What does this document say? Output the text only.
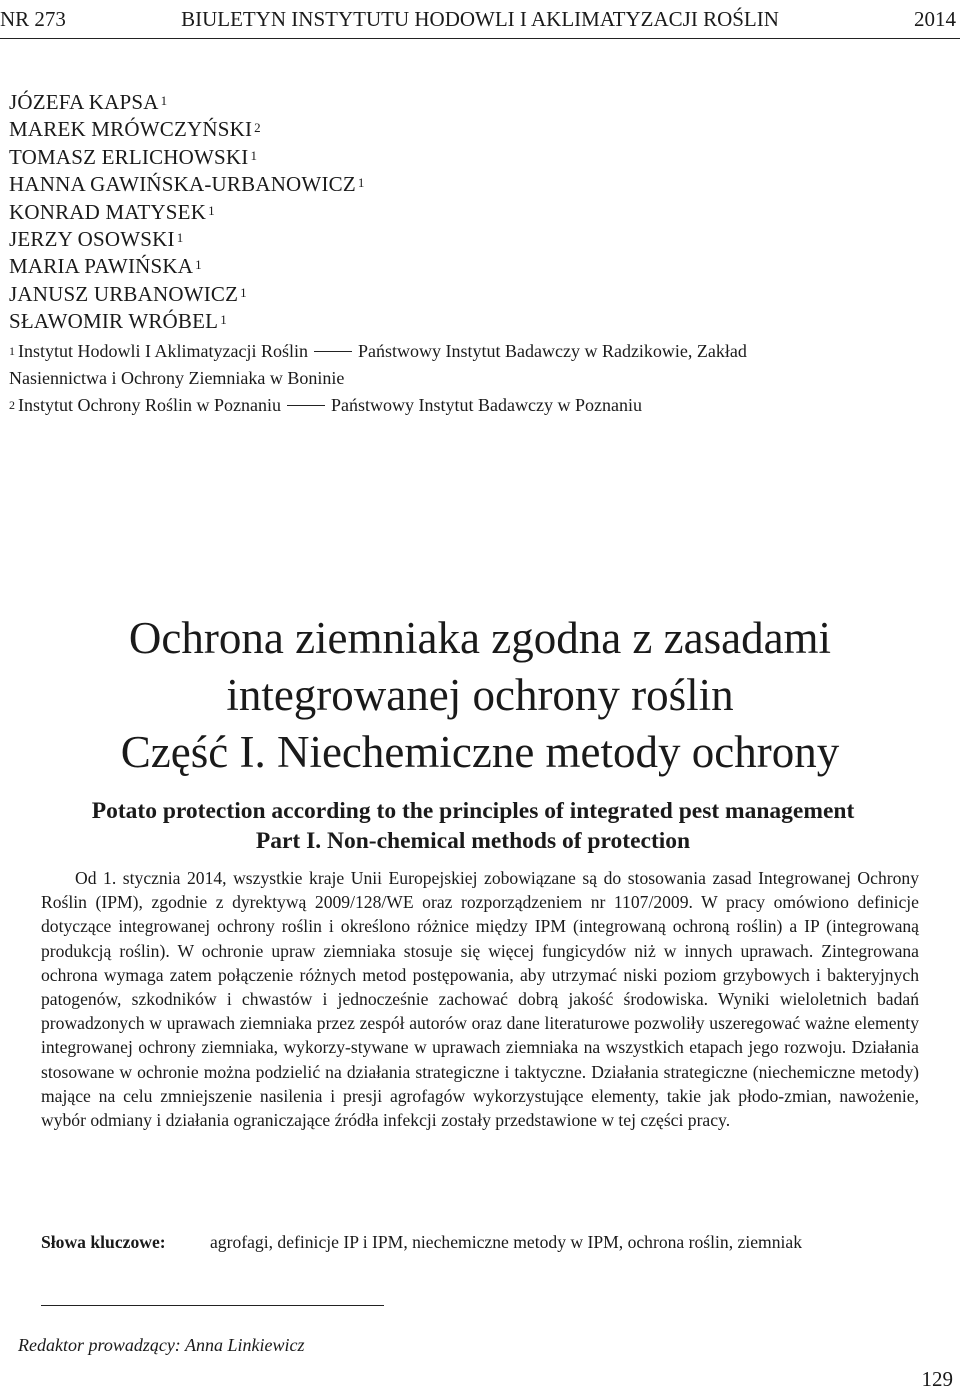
BIULETYN INSTYTUTU HODOWLI I AKLIMATYZACJI ROŚLIN
NR 273	2014
JÓZEFA KAPSA $^1$
MAREK MRÓWCZYŃSKI $^2$
TOMASZ ERLICHOWSKI $^1$
HANNA GAWIŃSKA-URBANOWICZ $^1$
KONRAD MATYSEK $^1$
JERZY OSOWSKI $^1$
MARIA PAWIŃSKA $^1$
JANUSZ URBANOWICZ $^1$
SŁAWOMIR WRÓBEL $^1$
$^1$ Instytut Hodowli I Aklimatyzacji Roślin	Państwowy Instytut Badawczy w Radzikowie, Zakład
Nasiennictwa i Ochrony Ziemniaka w Boninie
$^2$ Instytut Ochrony Roślin w Poznaniu	Państwowy Instytut Badawczy w Poznaniu
Ochrona ziemniaka zgodna z zasadami
integrowanej ochrony roślin
Część I. Niechemiczne metody ochrony
Potato protection according to the principles of integrated pest management
Part I. Non-chemical methods of protection

Od 1. stycznia 2014, wszystkie kraje Unii Europejskiej zobowiązane są do stosowania zasad Integrowanej Ochrony Roślin (IPM), zgodnie z dyrektywą 2009/128/WE oraz rozporządzeniem nr 1107/2009. W pracy omówiono definicje dotyczące integrowanej ochrony roślin i określono różnice między IPM (integrowaną ochroną roślin) a IP (integrowaną produkcją roślin). W ochronie upraw ziemniaka stosuje się więcej fungicydów niż w innych uprawach. Zintegrowana ochrona wymaga zatem połączenie różnych metod postępowania, aby utrzymać niski poziom grzybowych i bakteryjnych patogenów, szkodników i chwastów i jednocześnie zachować dobrą jakość środowiska. Wyniki wieloletnich badań prowadzonych w uprawach ziemniaka przez zespół autorów oraz dane literaturowe pozwoliły uszeregować ważne elementy integrowanej ochrony ziemniaka, wykorzy-stywane w uprawach ziemniaka na wszystkich etapach jego rozwoju. Działania stosowane w ochronie można podzielić na działania strategiczne i taktyczne. Działania strategiczne (niechemiczne metody) mające na celu zmniejszenie nasilenia i presji agrofagów wykorzystujące elementy, takie jak płodo-zmian, nawożenie, wybór odmiany i działania ograniczające źródła infekcji zostały przedstawione w tej części pracy.

Słowa kluczowe:	agrofagi, definicje IP i IPM, niechemiczne metody w IPM, ochrona roślin, ziemniak
Redaktor prowadzący: Anna Linkiewicz
129
